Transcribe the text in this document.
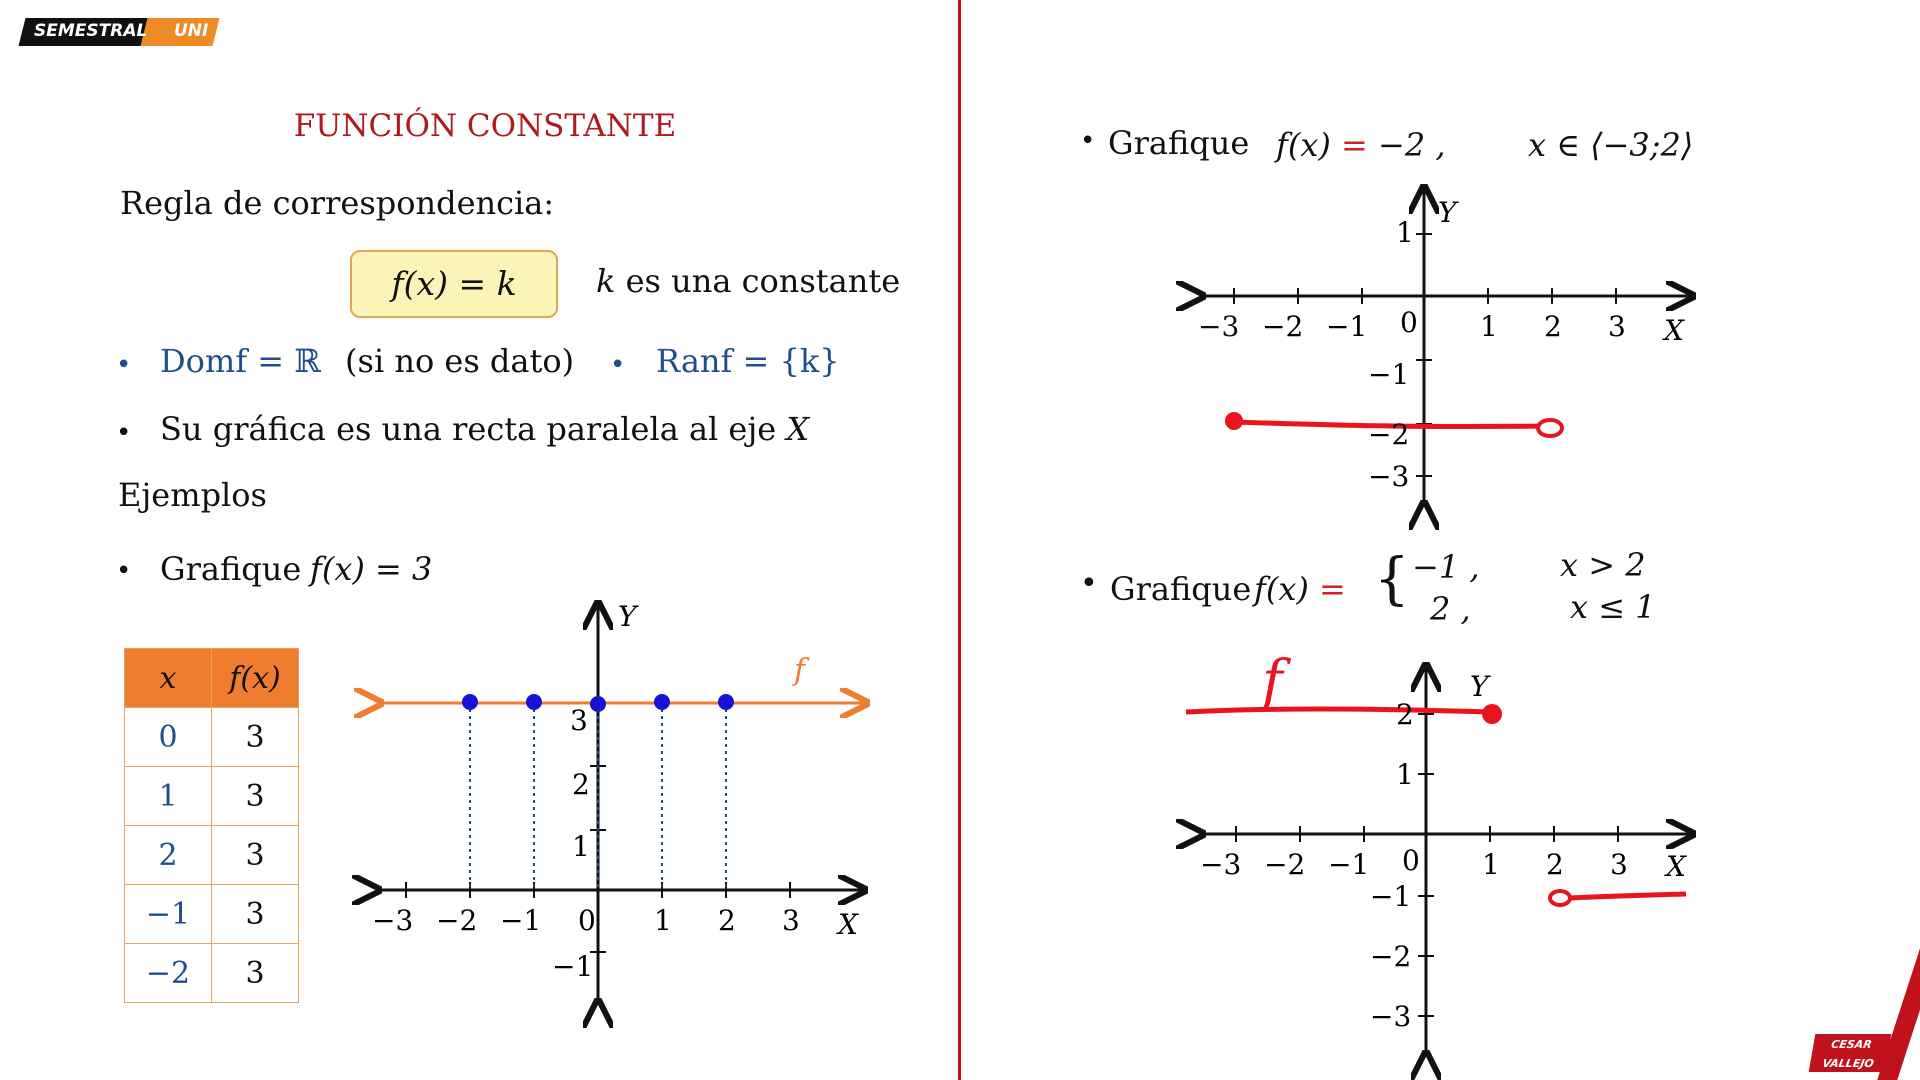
SEMESTRAL UNI
FUNCIÓN CONSTANTE
Regla de correspondencia:
f(x) = k	k es una constante
• Domf = ℝ (si no es dato) • Ranf = {k}
• Su gráfica es una recta paralela al eje X
Ejemplos
• Grafique f(x) = 3
x	f(x)
0	3
1	3
2	3
−1	3
−2	3
f
Y
X
−3 −2 −1 0 1 2 3
3
2
1
−1
Y
X
−3 −2 −1 0 1 2 3
1
−1
−2
−3
f	Y
X
−3 −2 −1 0 1 2 3
2
1
−1
−2
−3
• Grafique f(x) = −2 ,	x ∈ ⟨−3;2⟩
• Grafique f(x) = { −1 ,	x > 2
2 ,	x ≤ 1
CESAR
VALLEJO
